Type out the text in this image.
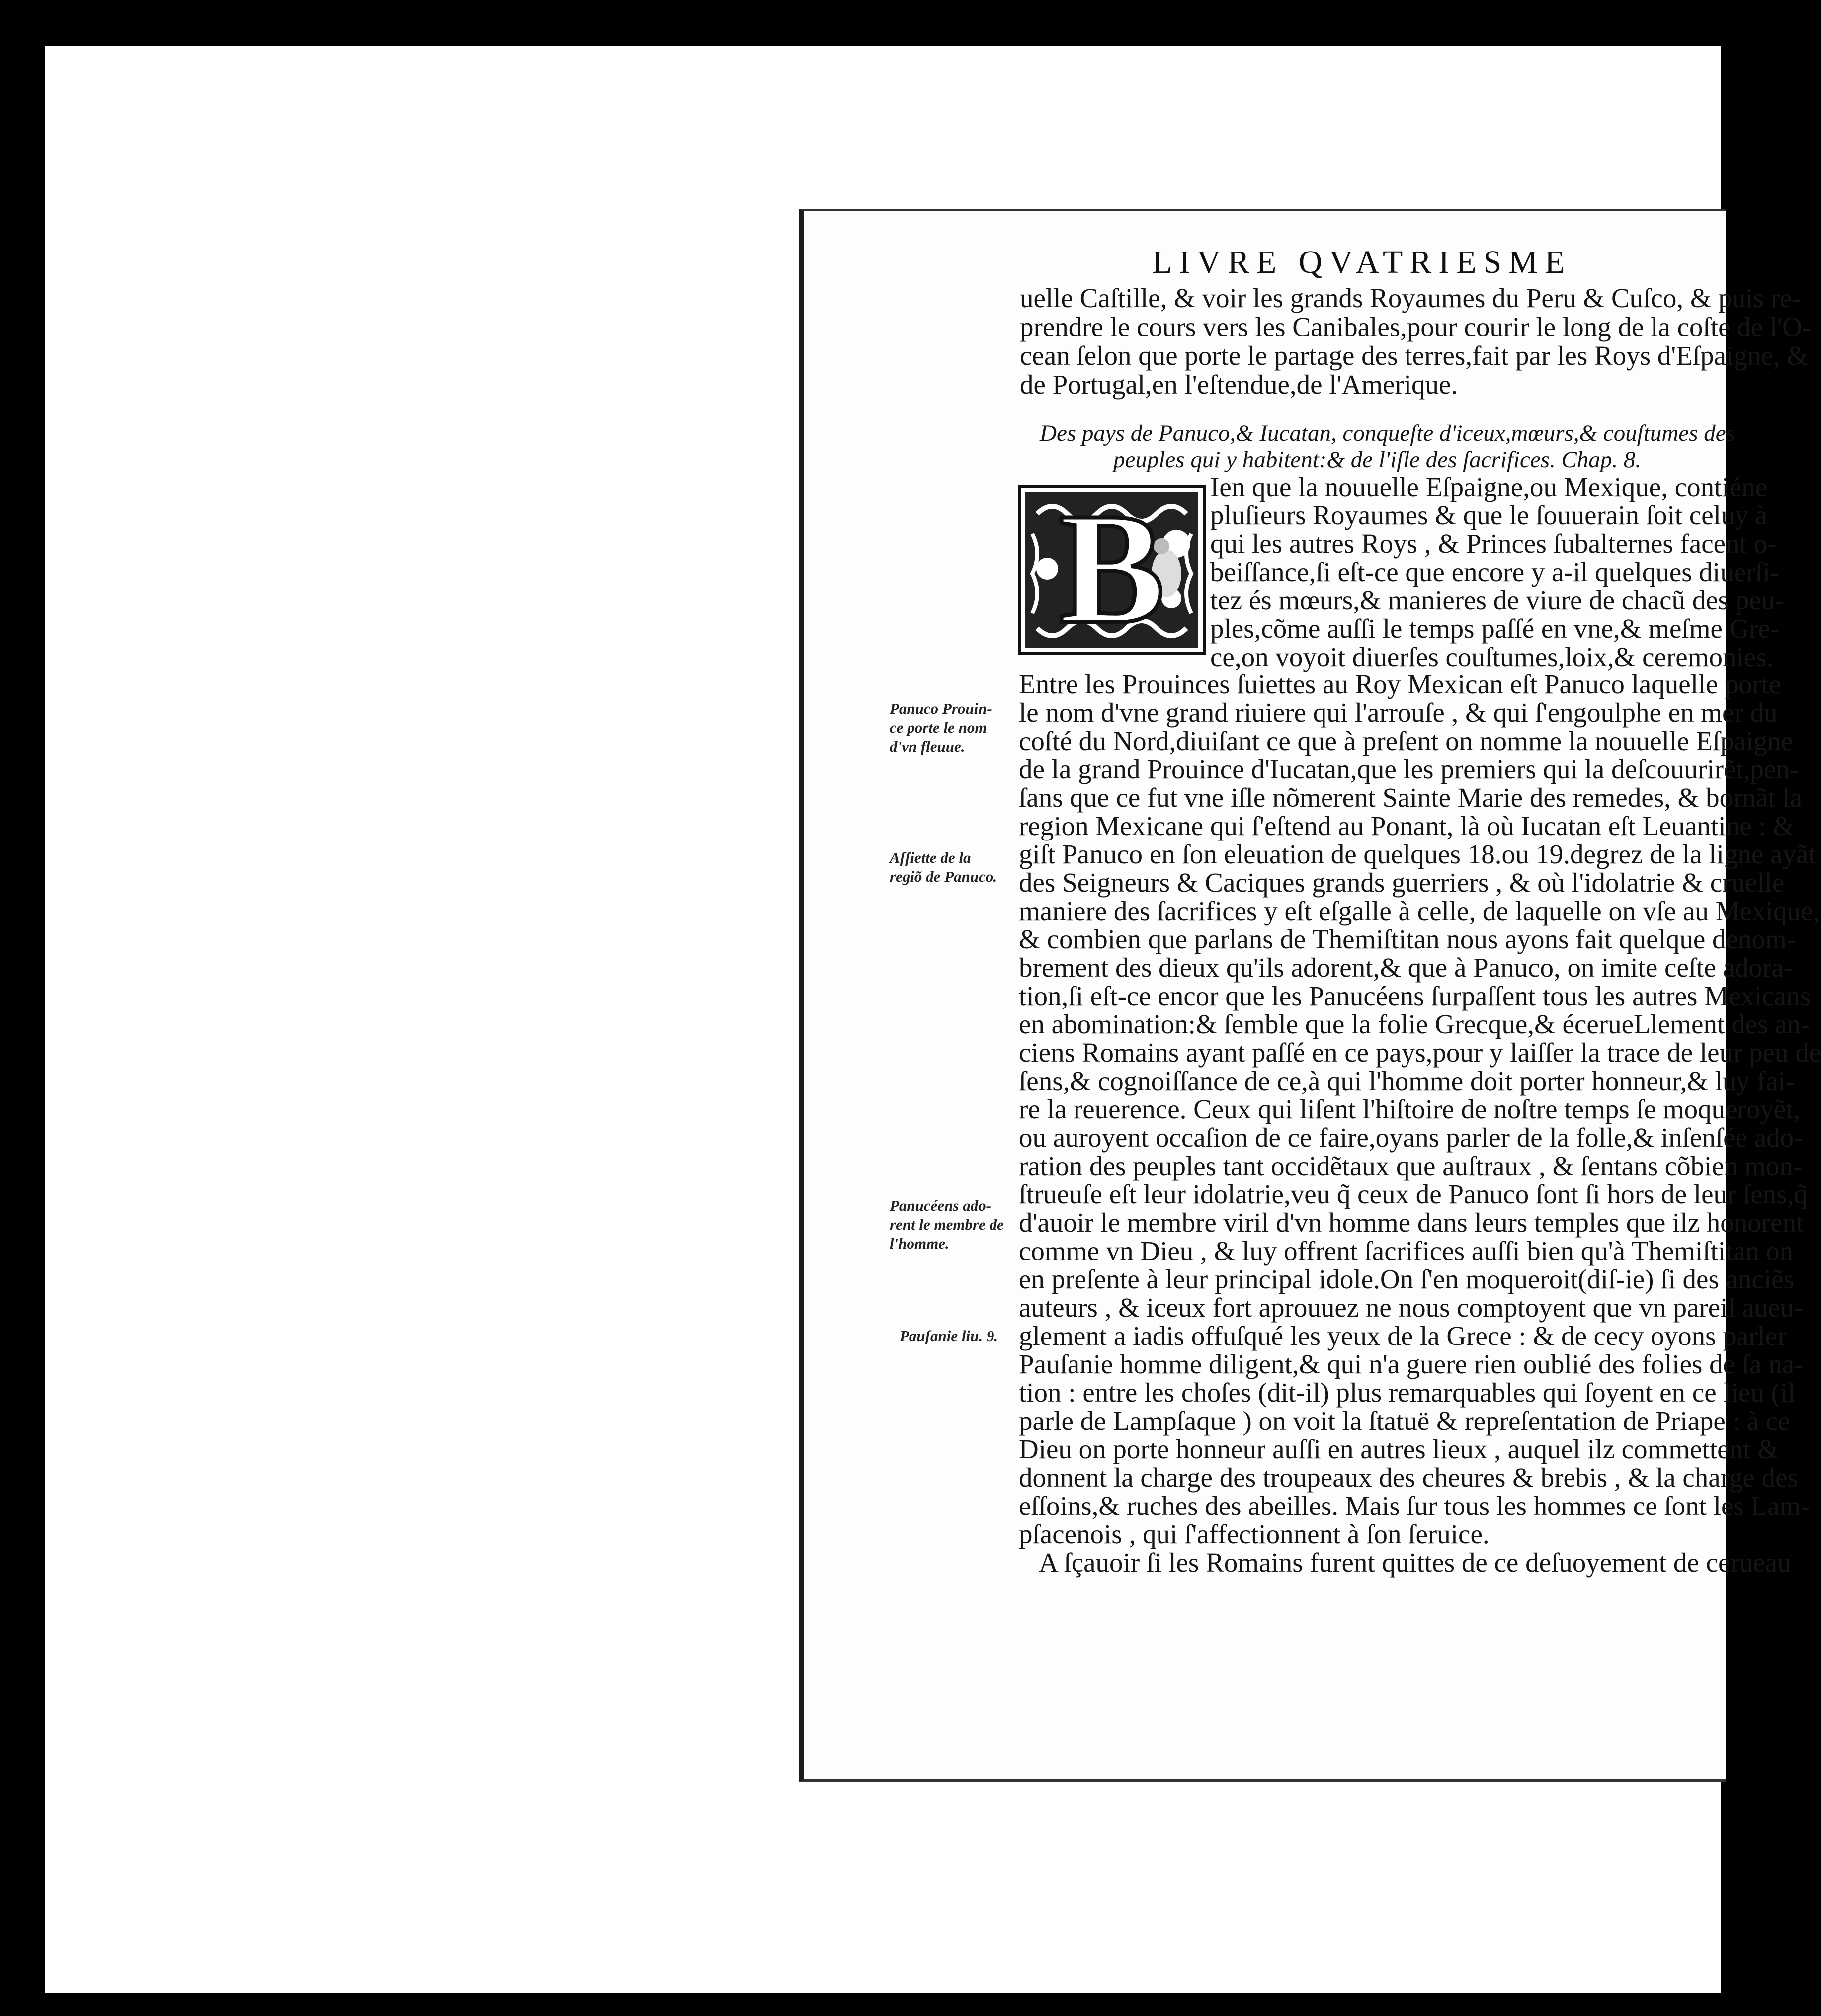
LIVRE QVATRIESME
uelle Caſtille, & voir les grands Royaumes du Peru & Cuſco, & puis re-
prendre le cours vers les Canibales,pour courir le long de la coſte de l'O-
cean ſelon que porte le partage des terres,fait par les Roys d'Eſpaigne, &
de Portugal,en l'eſtendue,de l'Amerique.
Des pays de Panuco,& Iucatan, conqueſte d'iceux,mœurs,& couſtumes des
peuples qui y habitent:& de l'iſle des ſacrifices. Chap. 8.
B Ien que la nouuelle Eſpaigne,ou Mexique, contiéne
pluſieurs Royaumes & que le ſouuerain ſoit celuy à
qui les autres Roys , & Princes ſubalternes facent o-
beiſſance,ſi eſt-ce que encore y a-il quelques diuerſi-
tez és mœurs,& manieres de viure de chacũ des peu-
ples,cõme auſſi le temps paſſé en vne,& meſme Gre-
ce,on voyoit diuerſes couſtumes,loix,& ceremonies.
Entre les Prouinces ſuiettes au Roy Mexican eſt Panuco laquelle porte
le nom d'vne grand riuiere qui l'arrouſe , & qui ſ'engoulphe en mer du
coſté du Nord,diuiſant ce que à preſent on nomme la nouuelle Eſpaigne
de la grand Prouince d'Iucatan,que les premiers qui la deſcouurirẽt,pen-
ſans que ce fut vne iſle nõmerent Sainte Marie des remedes, & bornãt la
region Mexicane qui ſ'eſtend au Ponant, là où Iucatan eſt Leuantine : &
giſt Panuco en ſon eleuation de quelques 18.ou 19.degrez de la ligne ayãt
des Seigneurs & Caciques grands guerriers , & où l'idolatrie & cruelle
maniere des ſacrifices y eſt eſgalle à celle, de laquelle on vſe au Mexique,
& combien que parlans de Themiſtitan nous ayons fait quelque denom-
brement des dieux qu'ils adorent,& que à Panuco, on imite ceſte adora-
tion,ſi eſt-ce encor que les Panucéens ſurpaſſent tous les autres Mexicans
en abomination:& ſemble que la folie Grecque,& écerueLlement des an-
ciens Romains ayant paſſé en ce pays,pour y laiſſer la trace de leur peu de
ſens,& cognoiſſance de ce,à qui l'homme doit porter honneur,& luy fai-
re la reuerence. Ceux qui liſent l'hiſtoire de noſtre temps ſe moqueroyẽt,
ou auroyent occaſion de ce faire,oyans parler de la folle,& inſenſée ado-
ration des peuples tant occidẽtaux que auſtraux , & ſentans cõbien mon-
ſtrueuſe eſt leur idolatrie,veu q̃ ceux de Panuco ſont ſi hors de leur ſens,q̃
d'auoir le membre viril d'vn homme dans leurs temples que ilz honorent
comme vn Dieu , & luy offrent ſacrifices auſſi bien qu'à Themiſtitan on
en preſente à leur principal idole.On ſ'en moqueroit(diſ-ie) ſi des anciẽs
auteurs , & iceux fort aprouuez ne nous comptoyent que vn pareil aueu-
glement a iadis offuſqué les yeux de la Grece : & de cecy oyons parler
Pauſanie homme diligent,& qui n'a guere rien oublié des folies de ſa na-
tion : entre les choſes (dit-il) plus remarquables qui ſoyent en ce lieu (il
parle de Lampſaque ) on voit la ſtatuë & repreſentation de Priape : à ce
Dieu on porte honneur auſſi en autres lieux , auquel ilz commettent &
donnent la charge des troupeaux des cheures & brebis , & la charge des
eſſoins,& ruches des abeilles. Mais ſur tous les hommes ce ſont les Lam-
pſacenois , qui ſ'affectionnent à ſon ſeruice.
A ſçauoir ſi les Romains furent quittes de ce deſuoyement de cerueau
Panuco Prouin-
ce porte le nom
d'vn fleuue.
Aſſiette de la
regiõ de Panuco.
Panucéens ado-
rent le membre de
l'homme.
Pauſanie liu. 9.
